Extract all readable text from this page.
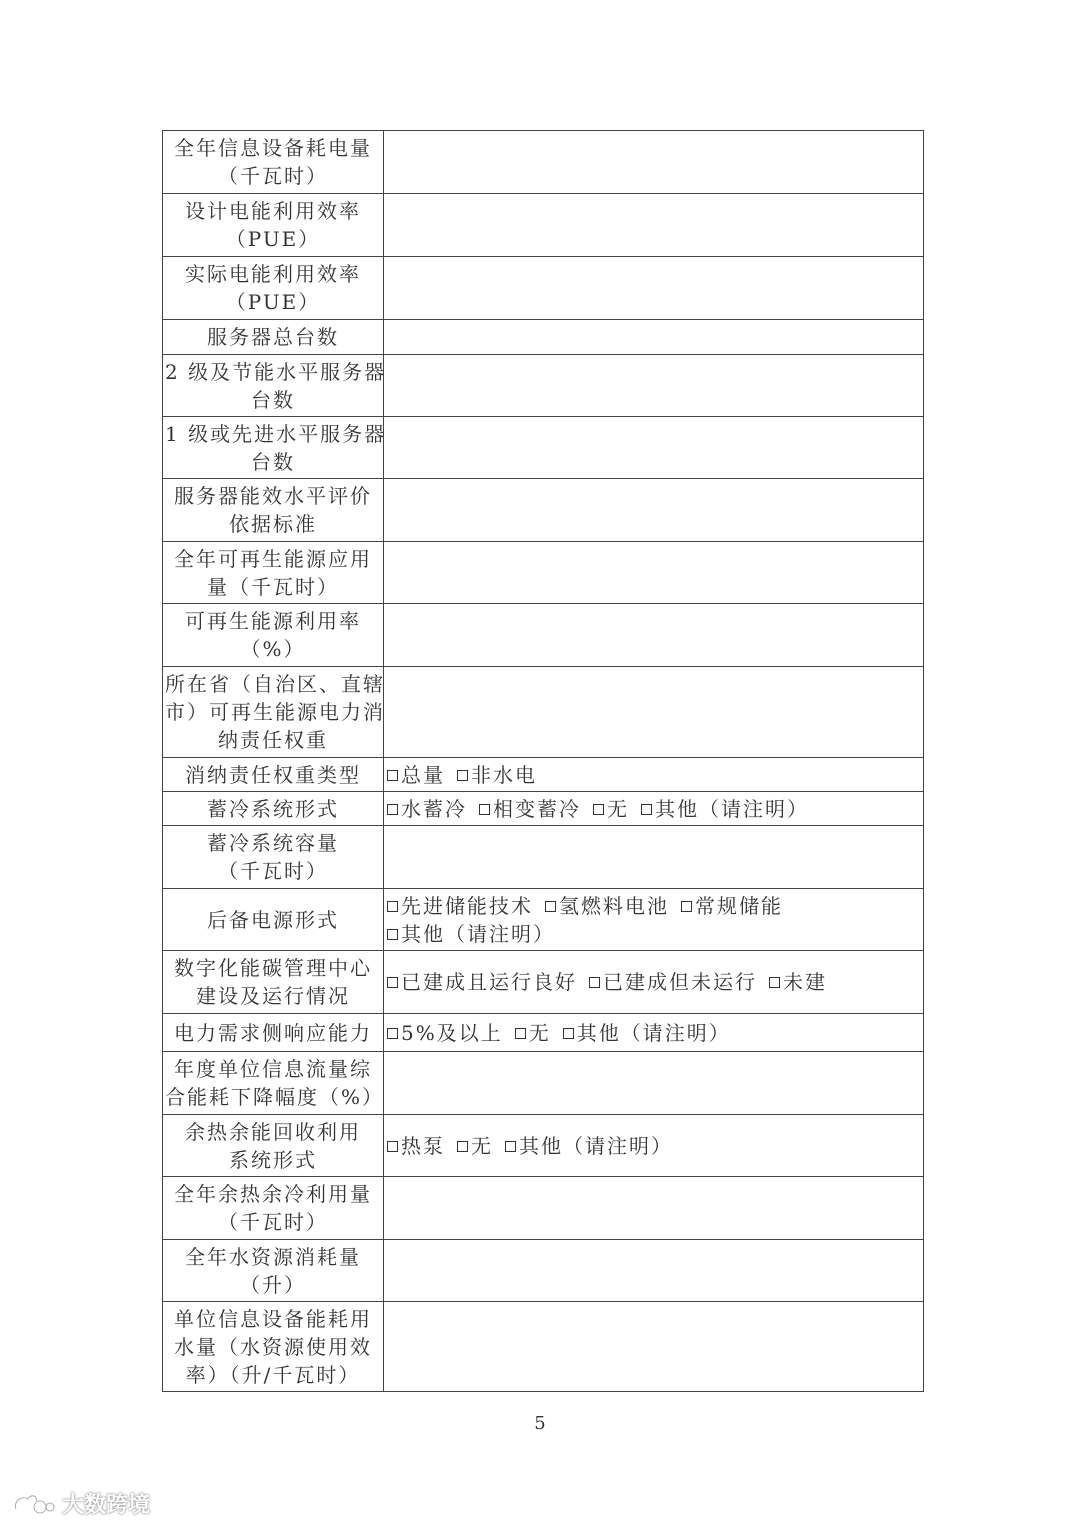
全年信息设备耗电量
（千瓦时）	

设计电能利用效率
（PUE）	

实际电能利用效率
（PUE）	

服务器总台数	

2 级及节能水平服务器
台数	

1 级或先进水平服务器
台数	

服务器能效水平评价
依据标准	

全年可再生能源应用
量（千瓦时）	

可再生能源利用率
（%）	

所在省（自治区、直辖
市）可再生能源电力消
纳责任权重	

消纳责任权重类型	总量 非水电

蓄冷系统形式	水蓄冷 相变蓄冷 无 其他（请注明）

蓄冷系统容量
（千瓦时）	

后备电源形式	先进储能技术 氢燃料电池 常规储能
其他（请注明）

数字化能碳管理中心
建设及运行情况	已建成且运行良好 已建成但未运行 未建

电力需求侧响应能力	5%及以上 无 其他（请注明）

年度单位信息流量综
合能耗下降幅度（%）	

余热余能回收利用
系统形式	热泵 无 其他（请注明）

全年余热余冷利用量
（千瓦时）	

全年水资源消耗量
（升）	

单位信息设备能耗用
水量（水资源使用效
率）（升/千瓦时）	

5
大数跨境
